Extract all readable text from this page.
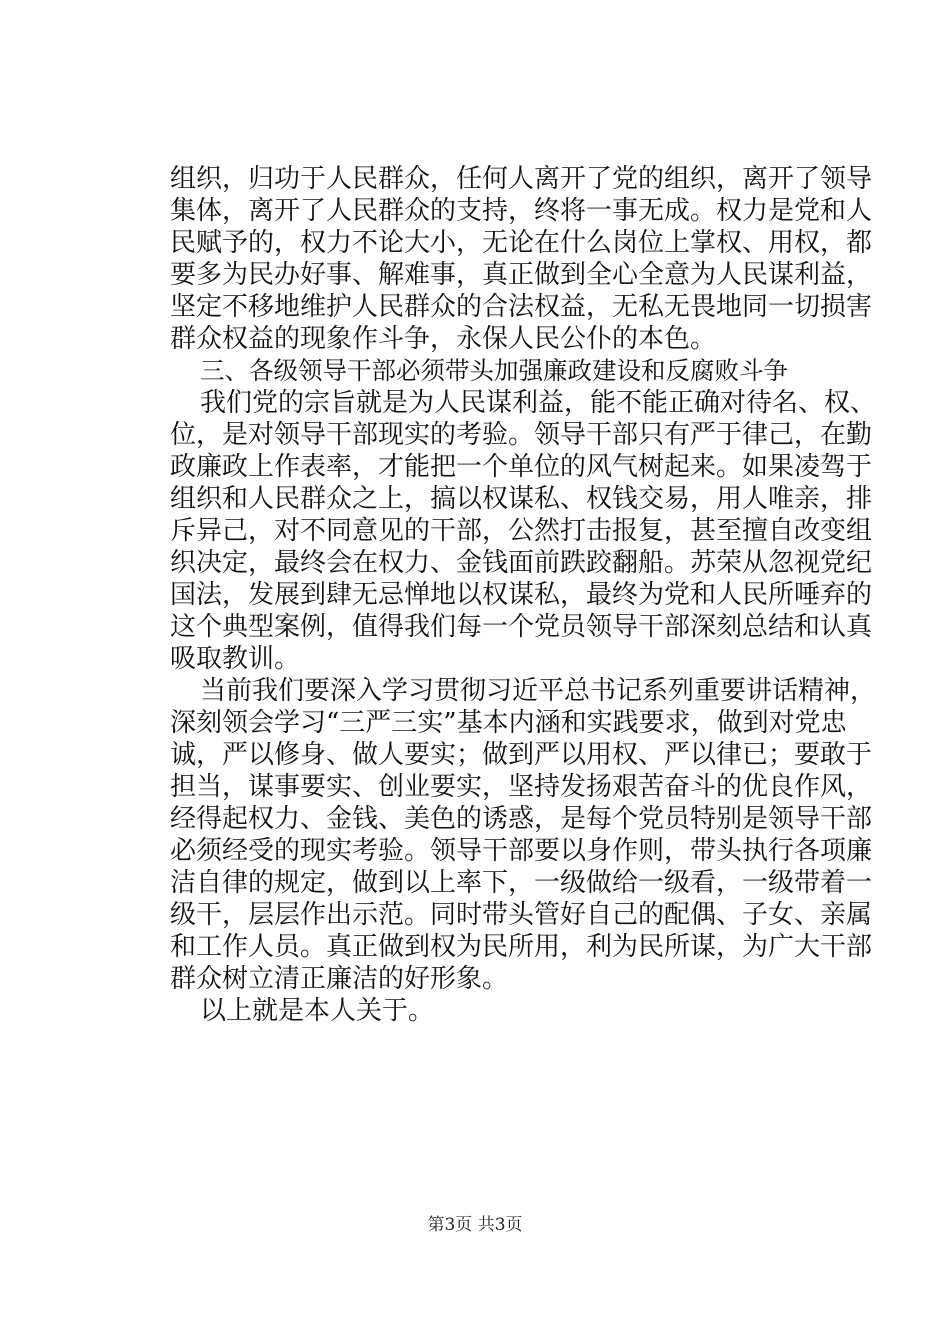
组织，归功于人民群众，任何人离开了党的组织，离开了领导
集体，离开了人民群众的支持，终将一事无成。权力是党和人
民赋予的，权力不论大小，无论在什么岗位上掌权、用权，都
要多为民办好事、解难事，真正做到全心全意为人民谋利益，
坚定不移地维护人民群众的合法权益，无私无畏地同一切损害
群众权益的现象作斗争，永保人民公仆的本色。
三、各级领导干部必须带头加强廉政建设和反腐败斗争
我们党的宗旨就是为人民谋利益，能不能正确对待名、权、
位，是对领导干部现实的考验。领导干部只有严于律己，在勤
政廉政上作表率，才能把一个单位的风气树起来。如果凌驾于
组织和人民群众之上，搞以权谋私、权钱交易，用人唯亲，排
斥异己，对不同意见的干部，公然打击报复，甚至擅自改变组
织决定，最终会在权力、金钱面前跌跤翻船。苏荣从忽视党纪
国法，发展到肆无忌惮地以权谋私，最终为党和人民所唾弃的
这个典型案例，值得我们每一个党员领导干部深刻总结和认真
吸取教训。
当前我们要深入学习贯彻习近平总书记系列重要讲话精神，
深刻领会学习“三严三实”基本内涵和实践要求，做到对党忠
诚，严以修身、做人要实；做到严以用权、严以律已；要敢于
担当，谋事要实、创业要实，坚持发扬艰苦奋斗的优良作风，
经得起权力、金钱、美色的诱惑，是每个党员特别是领导干部
必须经受的现实考验。领导干部要以身作则，带头执行各项廉
洁自律的规定，做到以上率下，一级做给一级看，一级带着一
级干，层层作出示范。同时带头管好自己的配偶、子女、亲属
和工作人员。真正做到权为民所用，利为民所谋，为广大干部
群众树立清正廉洁的好形象。
以上就是本人关于。
第3页 共3页
